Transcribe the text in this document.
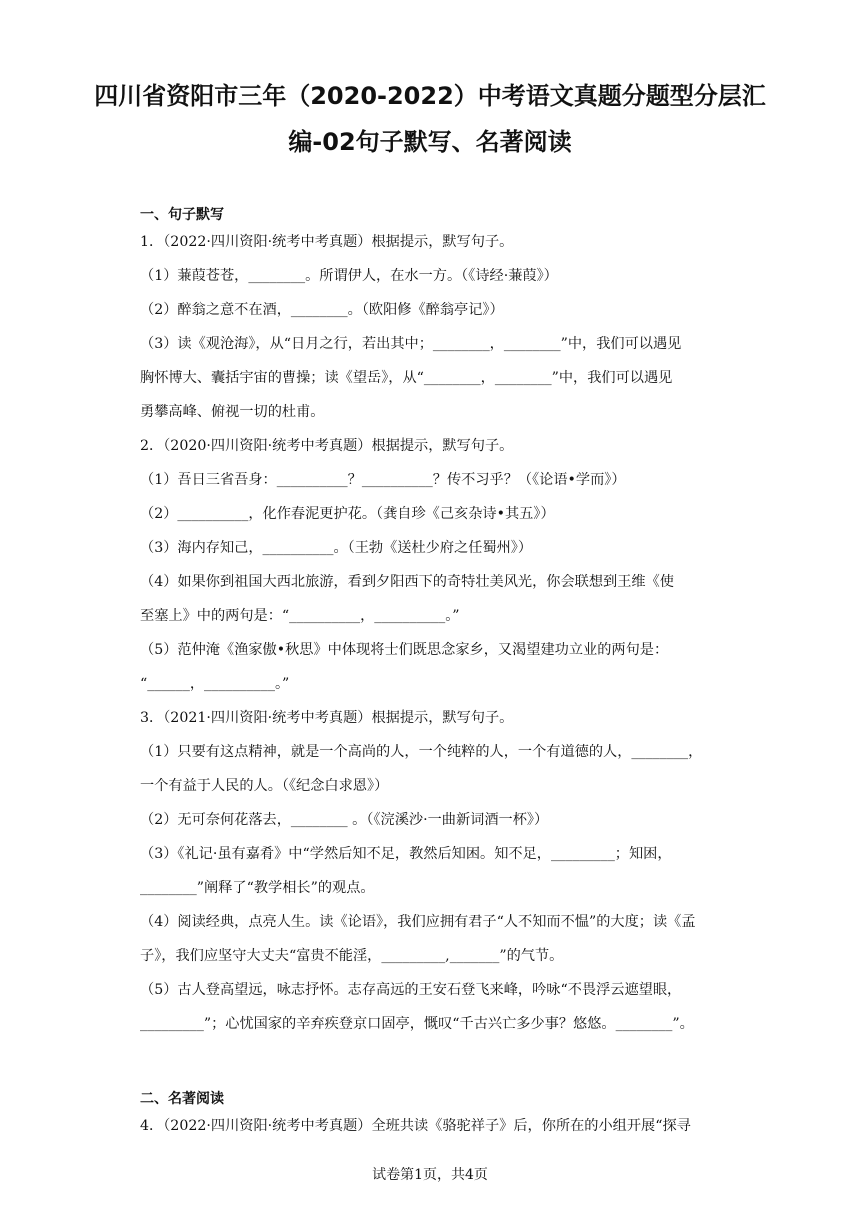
四川省资阳市三年（2020-2022）中考语文真题分题型分层汇
编-02句子默写、名著阅读
一、句子默写
1．（2022·四川资阳·统考中考真题）根据提示，默写句子。
（1）蒹葭苍苍，________。所谓伊人，在水一方。（《诗经·蒹葭》）
（2）醉翁之意不在酒，________。（欧阳修《醉翁亭记》）
（3）读《观沧海》，从“日月之行，若出其中；________，________”中，我们可以遇见
胸怀博大、囊括宇宙的曹操；读《望岳》，从“________，________”中，我们可以遇见
勇攀高峰、俯视一切的杜甫。
2．（2020·四川资阳·统考中考真题）根据提示，默写句子。
（1）吾日三省吾身：__________？__________？传不习乎？（《论语•学而》）
（2）__________，化作春泥更护花。（龚自珍《己亥杂诗•其五》）
（3）海内存知己，__________。（王勃《送杜少府之任蜀州》）
（4）如果你到祖国大西北旅游，看到夕阳西下的奇特壮美风光，你会联想到王维《使
至塞上》中的两句是：“__________，__________。”
（5）范仲淹《渔家傲•秋思》中体现将士们既思念家乡，又渴望建功立业的两句是：
“______，__________。”
3．（2021·四川资阳·统考中考真题）根据提示，默写句子。
（1）只要有这点精神，就是一个高尚的人，一个纯粹的人，一个有道德的人，________，
一个有益于人民的人。（《纪念白求恩》）
（2）无可奈何花落去，________ 。（《浣溪沙·一曲新词酒一杯》）
（3）《礼记·虽有嘉肴》中“学然后知不足，教然后知困。知不足，_________；知困，
________”阐释了“教学相长”的观点。
（4）阅读经典，点亮人生。读《论语》，我们应拥有君子“人不知而不愠”的大度；读《孟
子》，我们应坚守大丈夫“富贵不能淫，_________,_______”的气节。
（5）古人登高望远，咏志抒怀。志存高远的王安石登飞来峰，吟咏“不畏浮云遮望眼，
_________”；心忧国家的辛弃疾登京口固亭，慨叹“千古兴亡多少事？悠悠。________”。
二、名著阅读
4．（2022·四川资阳·统考中考真题）全班共读《骆驼祥子》后，你所在的小组开展“探寻
试卷第1页，共4页
